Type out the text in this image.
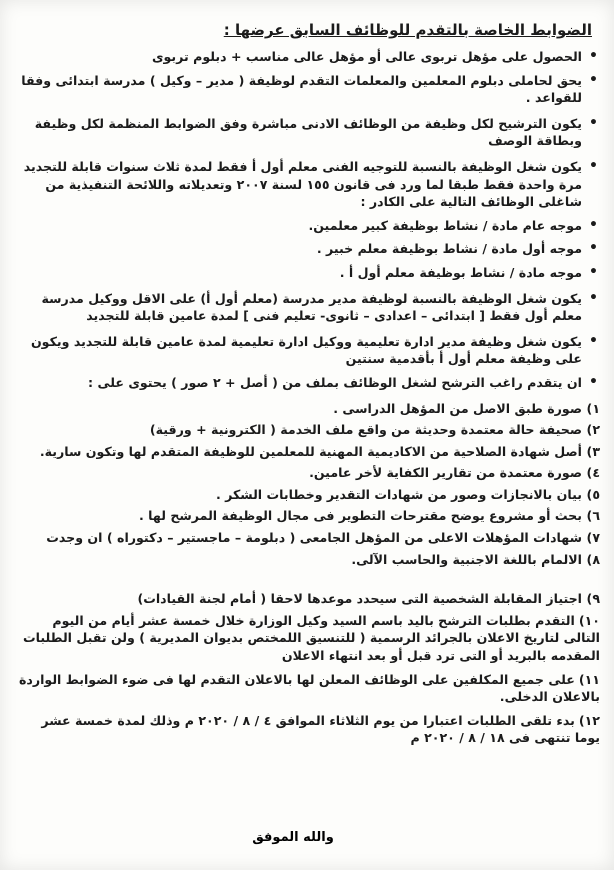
الضوابط الخاصة بالتقدم للوظائف السابق عرضها :
• الحصول على مؤهل تربوى عالى أو مؤهل عالى مناسب + دبلوم تربوى
• يحق لحاملى دبلوم المعلمين والمعلمات التقدم لوظيفة ( مدير – وكيل ) مدرسة ابتدائى وفقا للقواعد .
• يكون الترشيح لكل وظيفة من الوظائف الادنى مباشرة وفق الضوابط المنظمة لكل وظيفة وبطاقة الوصف
• يكون شغل الوظيفة بالنسبة للتوجيه الفنى معلم أول أ فقط لمدة ثلاث سنوات قابلة للتجديد مرة واحدة فقط طبقا لما ورد فى قانون ١٥٥ لسنة ٢٠٠٧ وتعديلاته واللائحة التنفيذية من شاغلى الوظائف التالية على الكادر :
• موجه عام مادة / نشاط بوظيفة كبير معلمين.
• موجه أول مادة / نشاط بوظيفة معلم خبير .
• موجه مادة / نشاط بوظيفة معلم أول أ .
• يكون شغل الوظيفة بالنسبة لوظيفة مدير مدرسة (معلم أول أ) على الاقل ووكيل مدرسة معلم أول فقط [ ابتدائى – اعدادى – ثانوى- تعليم فنى ] لمدة عامين قابلة للتجديد
• يكون شغل وظيفة مدير ادارة تعليمية ووكيل ادارة تعليمية لمدة عامين قابلة للتجديد ويكون على وظيفة معلم أول أ بأقدمية سنتين
• ان يتقدم راغب الترشح لشغل الوظائف بملف من ( أصل + ٢ صور ) يحتوى على :
١)صورة طبق الاصل من المؤهل الدراسى .
٢)صحيفة حالة معتمدة وحديثة من واقع ملف الخدمة ( الكترونية + ورقية)
٣)أصل شهادة الصلاحية من الاكاديمية المهنية للمعلمين للوظيفة المتقدم لها وتكون سارية.
٤)صورة معتمدة من تقارير الكفاية لأخر عامين.
٥)بيان بالانجازات وصور من شهادات التقدير وخطابات الشكر .
٦)بحث أو مشروع يوضح مقترحات التطوير فى مجال الوظيفة المرشح لها .
٧)شهادات المؤهلات الاعلى من المؤهل الجامعى ( دبلومة – ماجستير – دكتوراه ) ان وجدت
٨)الالمام باللغة الاجنبية والحاسب الآلى.
٩)اجتياز المقابلة الشخصية التى سيحدد موعدها لاحقا ( أمام لجنة القيادات)
١٠)التقدم بطلبات الترشح باليد باسم السيد وكيل الوزارة خلال خمسة عشر أيام من اليوم التالى لتاريخ الاعلان بالجرائد الرسمية ( للتنسيق اللمختص بديوان المديرية ) ولن تقبل الطلبات المقدمه بالبريد أو التى ترد قبل أو بعد انتهاء الاعلان
١١)على جميع المكلفين على الوظائف المعلن لها بالاعلان التقدم لها فى ضوء الضوابط الواردة بالاعلان الدخلى.
١٢)بدء تلقى الطلبات اعتبارا من يوم الثلاثاء الموافق ٤ / ٨ / ٢٠٢٠ م وذلك لمدة خمسة عشر يوما تنتهى فى ١٨ / ٨ / ٢٠٢٠ م
والله الموفق
